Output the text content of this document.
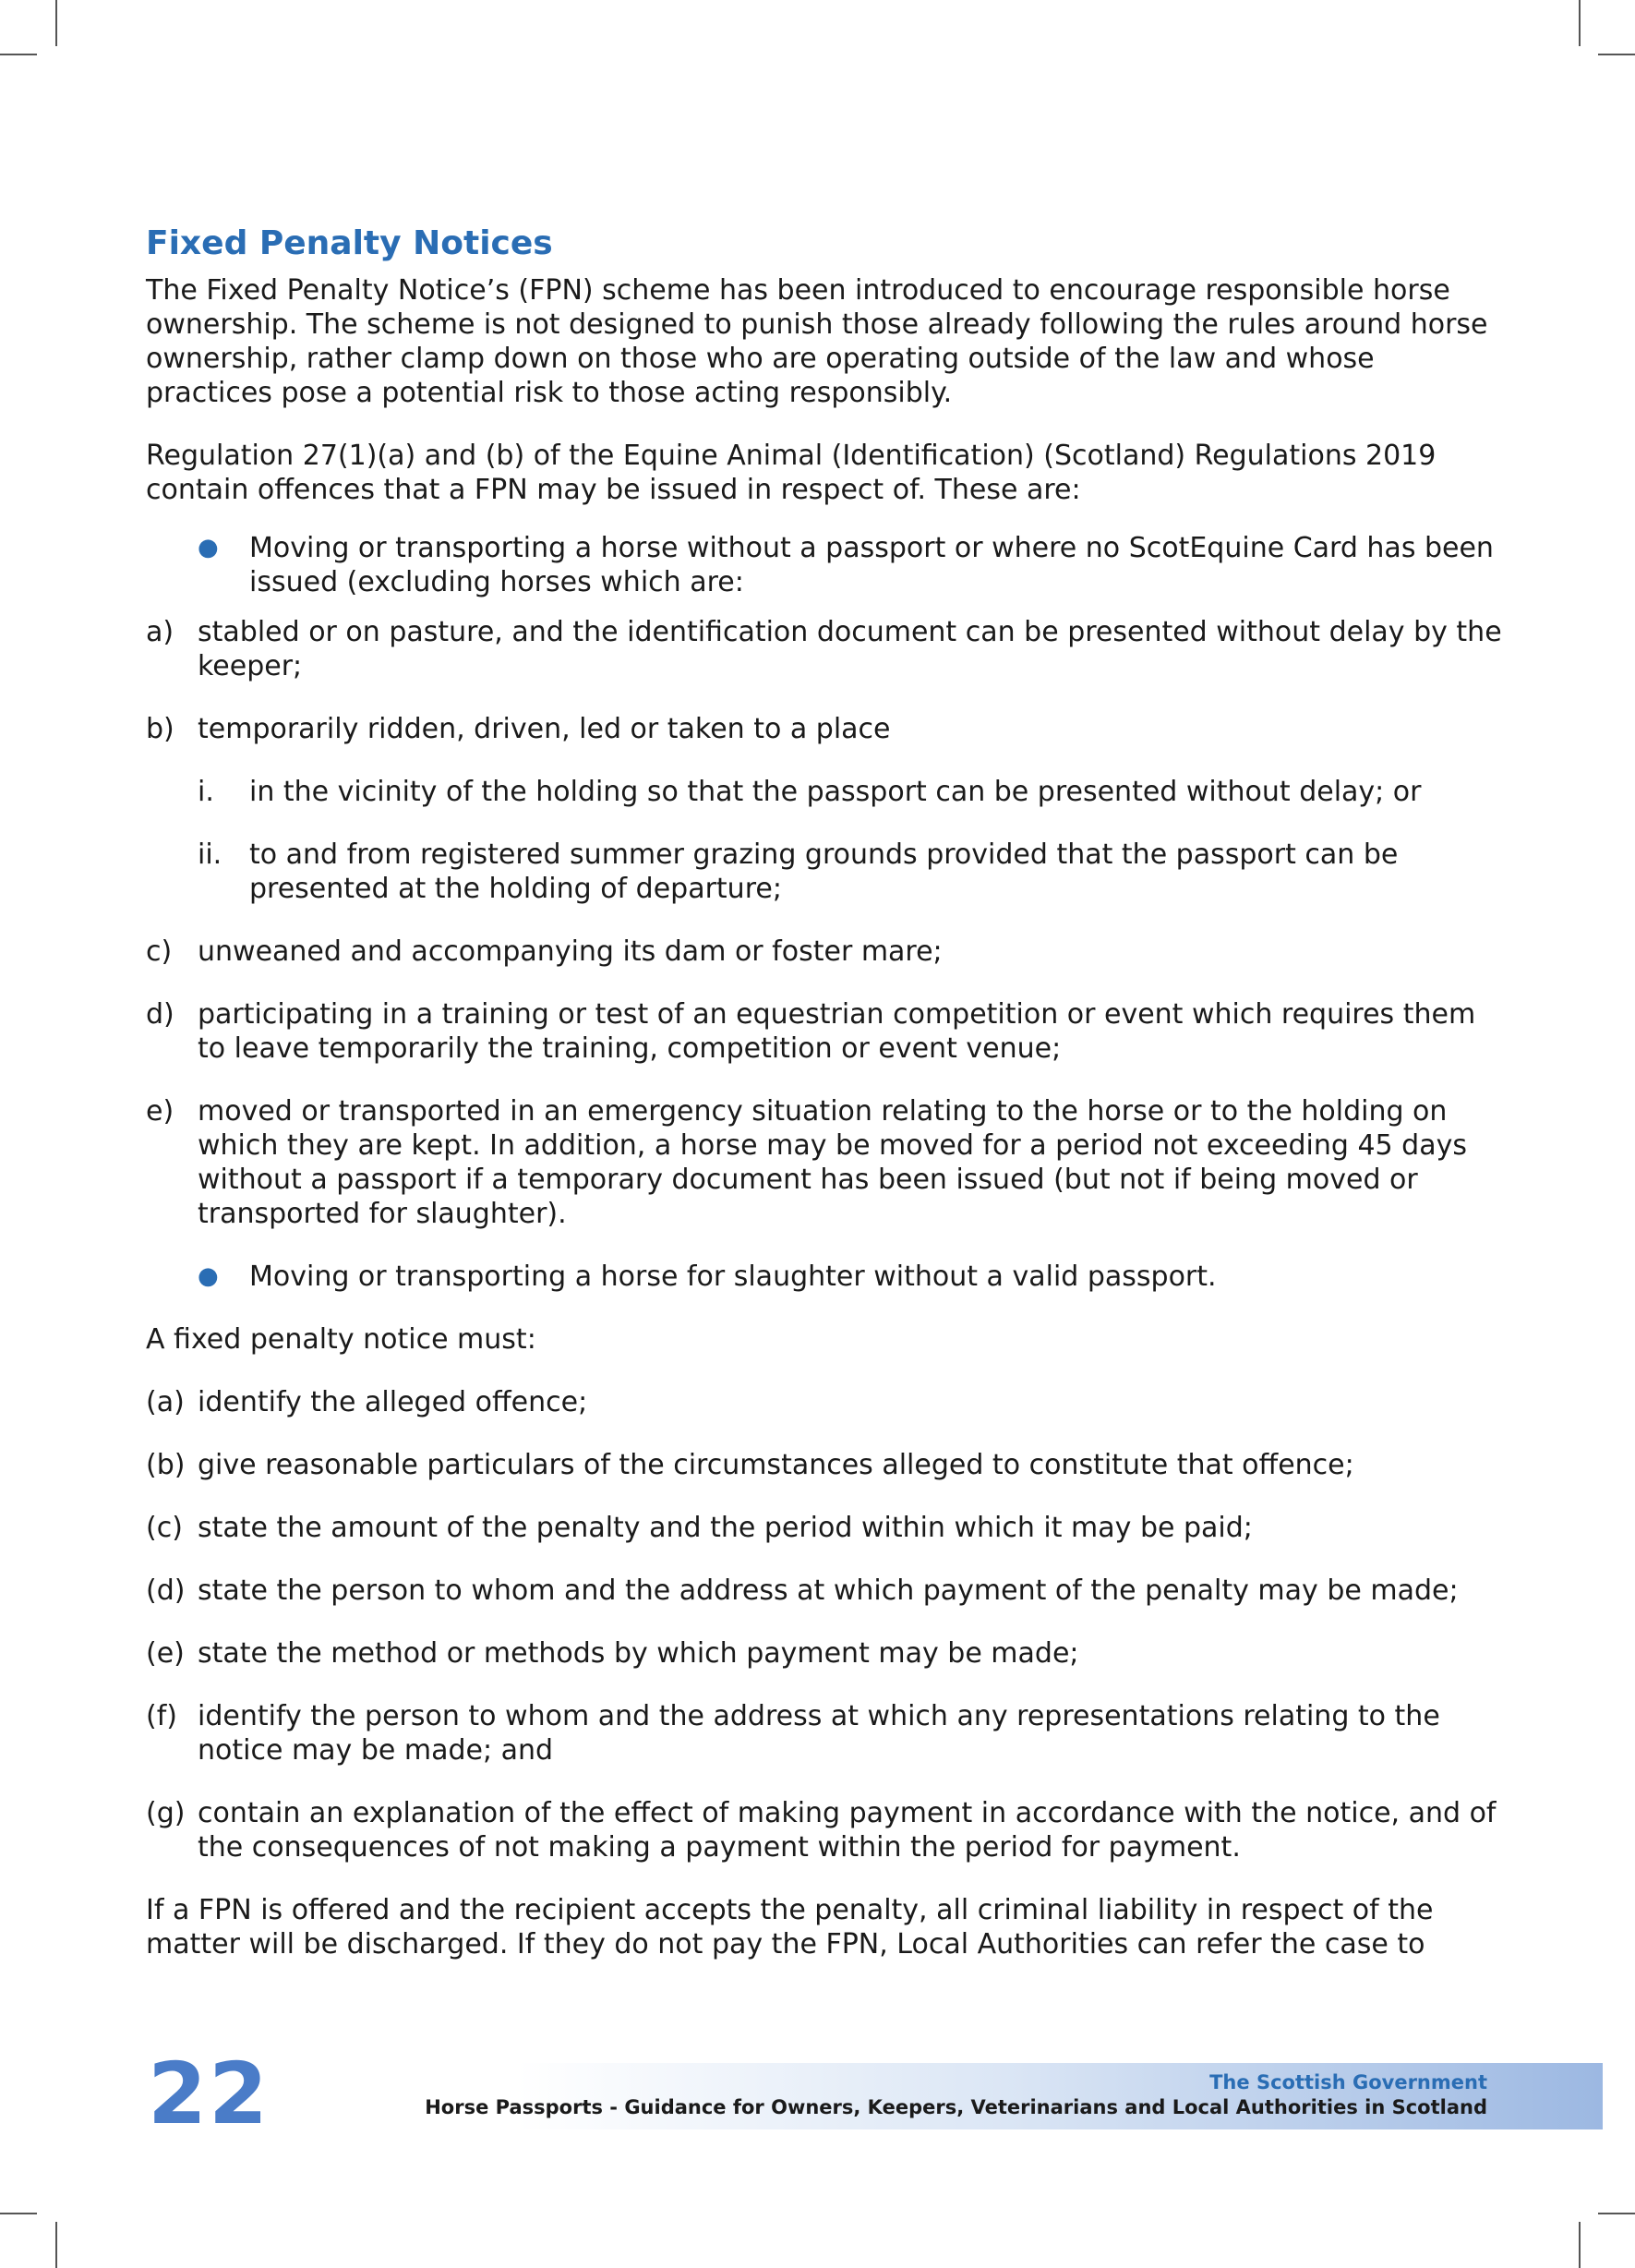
Fixed Penalty Notices

The Fixed Penalty Notice’s (FPN) scheme has been introduced to encourage responsible horse ownership. The scheme is not designed to punish those already following the rules around horse ownership, rather clamp down on those who are operating outside of the law and whose practices pose a potential risk to those acting responsibly.

Regulation 27(1)(a) and (b) of the Equine Animal (Identification) (Scotland) Regulations 2019 contain offences that a FPN may be issued in respect of. These are:

●	Moving or transporting a horse without a passport or where no ScotEquine Card has been issued (excluding horses which are:
a) stabled or on pasture, and the identification document can be presented without delay by the keeper;
b) temporarily ridden, driven, led or taken to a place
i.	in the vicinity of the holding so that the passport can be presented without delay; or
ii. to and from registered summer grazing grounds provided that the passport can be presented at the holding of departure;
c) unweaned and accompanying its dam or foster mare;
d) participating in a training or test of an equestrian competition or event which requires them to leave temporarily the training, competition or event venue;
e) moved or transported in an emergency situation relating to the horse or to the holding on which they are kept. In addition, a horse may be moved for a period not exceeding 45 days without a passport if a temporary document has been issued (but not if being moved or transported for slaughter).
●	Moving or transporting a horse for slaughter without a valid passport.

A fixed penalty notice must:

(a) identify the alleged offence;
(b) give reasonable particulars of the circumstances alleged to constitute that offence;
(c) state the amount of the penalty and the period within which it may be paid;
(d) state the person to whom and the address at which payment of the penalty may be made;
(e) state the method or methods by which payment may be made;
(f) identify the person to whom and the address at which any representations relating to the notice may be made; and
(g) contain an explanation of the effect of making payment in accordance with the notice, and of the consequences of not making a payment within the period for payment.

If a FPN is offered and the recipient accepts the penalty, all criminal liability in respect of the matter will be discharged. If they do not pay the FPN, Local Authorities can refer the case to

22	The Scottish Government
Horse Passports - Guidance for Owners, Keepers, Veterinarians and Local Authorities in Scotland
